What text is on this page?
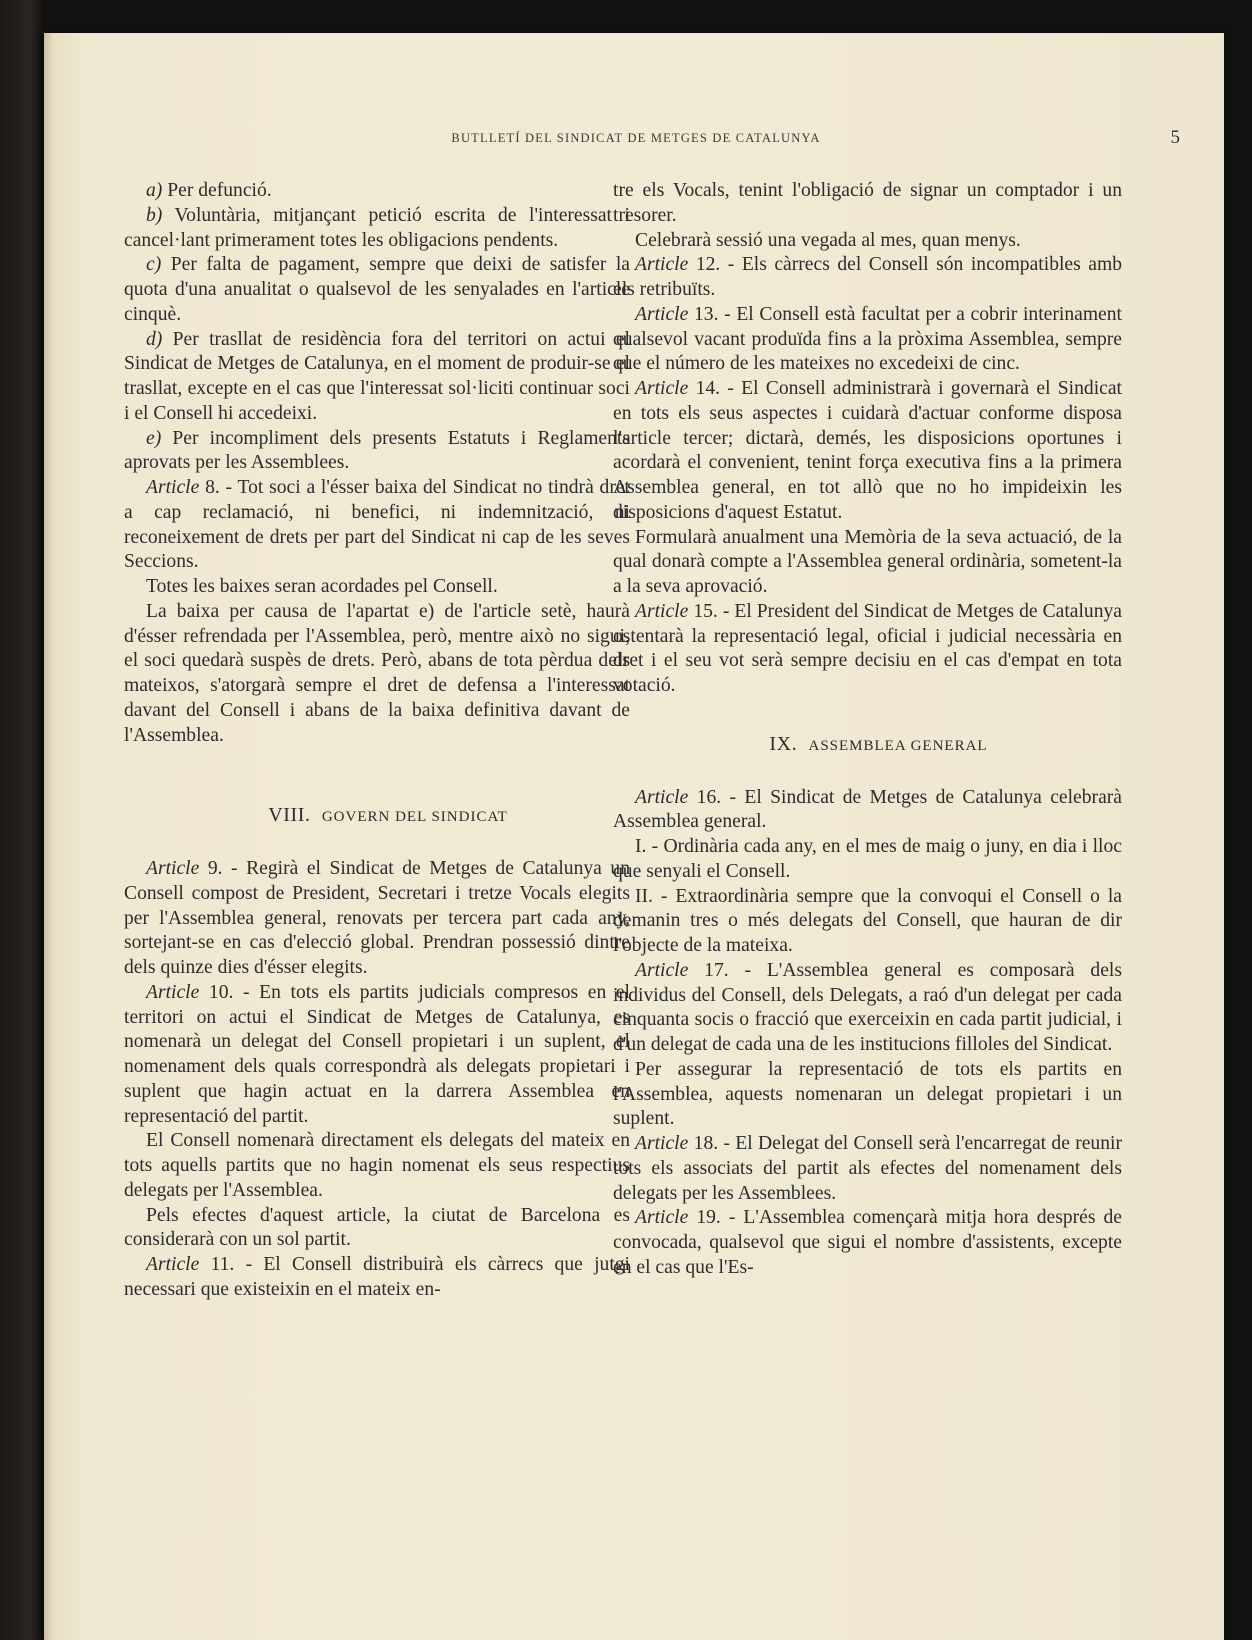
BUTLLETÍ DEL SINDICAT DE METGES DE CATALUNYA	5

a) Per defunció.

b) Voluntària, mitjançant petició escrita de l'interessat i cancel·lant primerament totes les obligacions pendents.

c) Per falta de pagament, sempre que deixi de satisfer la quota d'una anualitat o qualsevol de les senyalades en l'article cinquè.

d) Per trasllat de residència fora del territori on actui el Sindicat de Metges de Catalunya, en el moment de produir-se el trasllat, excepte en el cas que l'interessat sol·liciti continuar soci i el Consell hi accedeixi.

e) Per incompliment dels presents Estatuts i Reglaments aprovats per les Assemblees.

Article 8. - Tot soci a l'ésser baixa del Sindicat no tindrà dret a cap reclamació, ni benefici, ni indemnització, ni reconeixement de drets per part del Sindicat ni cap de les seves Seccions.

Totes les baixes seran acordades pel Consell.

La baixa per causa de l'apartat e) de l'article setè, haurà d'ésser refrendada per l'Assemblea, però, mentre això no sigui, el soci quedarà suspès de drets. Però, abans de tota pèrdua dels mateixos, s'atorgarà sempre el dret de defensa a l'interessat davant del Consell i abans de la baixa definitiva davant de l'Assemblea.

VIII. GOVERN DEL SINDICAT

Article 9. - Regirà el Sindicat de Metges de Catalunya un Consell compost de President, Secretari i tretze Vocals elegits per l'Assemblea general, renovats per tercera part cada any, sortejant-se en cas d'elecció global. Prendran possessió dintre dels quinze dies d'ésser elegits.

Article 10. - En tots els partits judicials compresos en el territori on actui el Sindicat de Metges de Catalunya, es nomenarà un delegat del Consell propietari i un suplent, el nomenament dels quals correspondrà als delegats propietari i suplent que hagin actuat en la darrera Assemblea en representació del partit.

El Consell nomenarà directament els delegats del mateix en tots aquells partits que no hagin nomenat els seus respectius delegats per l'Assemblea.

Pels efectes d'aquest article, la ciutat de Barcelona es considerarà con un sol partit.

Article 11. - El Consell distribuirà els càrrecs que jutgi necessari que existeixin en el mateix en-

tre els Vocals, tenint l'obligació de signar un comptador i un tresorer.

Celebrarà sessió una vegada al mes, quan menys.

Article 12. - Els càrrecs del Consell són incompatibles amb els retribuïts.

Article 13. - El Consell està facultat per a cobrir interinament qualsevol vacant produïda fins a la pròxima Assemblea, sempre que el número de les mateixes no excedeixi de cinc.

Article 14. - El Consell administrarà i governarà el Sindicat en tots els seus aspectes i cuidarà d'actuar conforme disposa l'article tercer; dictarà, demés, les disposicions oportunes i acordarà el convenient, tenint força executiva fins a la primera Assemblea general, en tot allò que no ho impideixin les disposicions d'aquest Estatut.

Formularà anualment una Memòria de la seva actuació, de la qual donarà compte a l'Assemblea general ordinària, sometent-la a la seva aprovació.

Article 15. - El President del Sindicat de Metges de Catalunya ostentarà la representació legal, oficial i judicial necessària en dret i el seu vot serà sempre decisiu en el cas d'empat en tota votació.

IX. ASSEMBLEA GENERAL

Article 16. - El Sindicat de Metges de Catalunya celebrarà Assemblea general.

I. - Ordinària cada any, en el mes de maig o juny, en dia i lloc que senyali el Consell.

II. - Extraordinària sempre que la convoqui el Consell o la demanin tres o més delegats del Consell, que hauran de dir l'objecte de la mateixa.

Article 17. - L'Assemblea general es composarà dels individus del Consell, dels Delegats, a raó d'un delegat per cada cinquanta socis o fracció que exerceixin en cada partit judicial, i d'un delegat de cada una de les institucions filloles del Sindicat.

Per assegurar la representació de tots els partits en l'Assemblea, aquests nomenaran un delegat propietari i un suplent.

Article 18. - El Delegat del Consell serà l'encarregat de reunir tots els associats del partit als efectes del nomenament dels delegats per les Assemblees.

Article 19. - L'Assemblea començarà mitja hora després de convocada, qualsevol que sigui el nombre d'assistents, excepte en el cas que l'Es-
